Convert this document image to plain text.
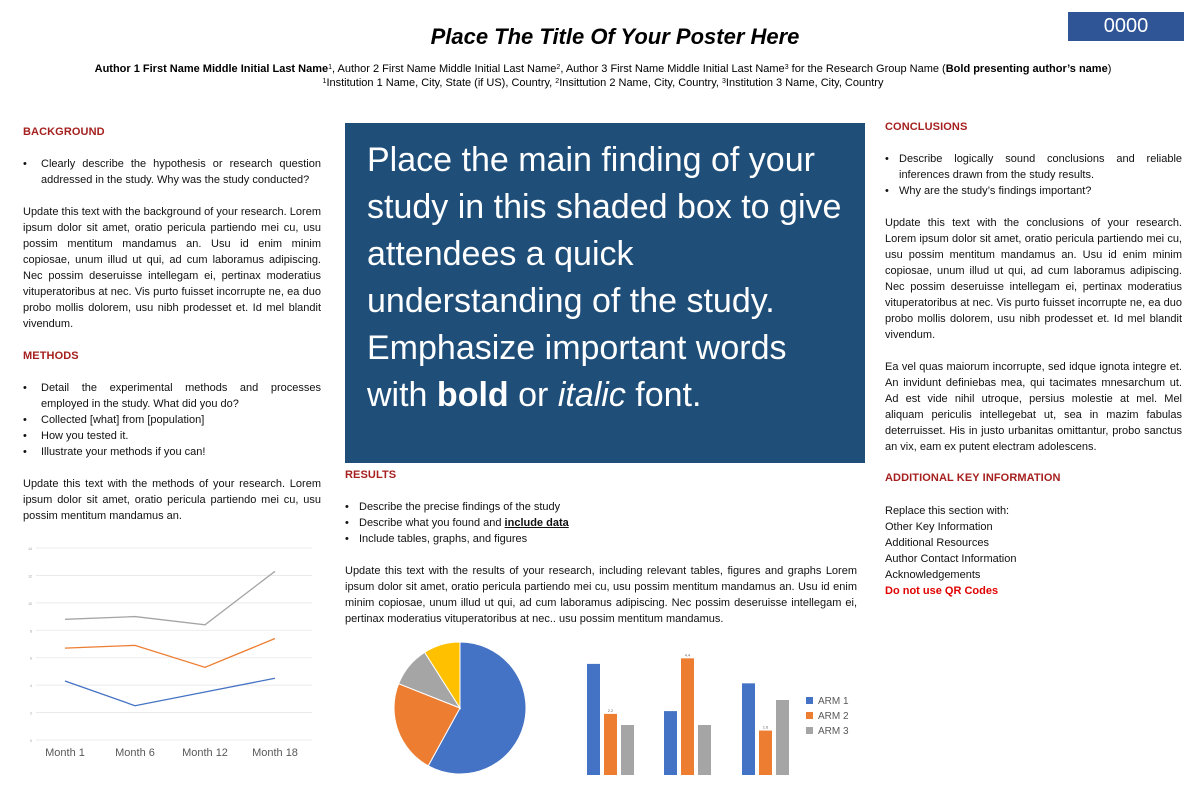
0000
Place The Title Of Your Poster Here
Author 1 First Name Middle Initial Last Name$^1$, Author 2 First Name Middle Initial Last Name$^2$, Author 3 First Name Middle Initial Last Name$^3$ for the Research Group Name (Bold presenting author’s name)
$^1$Institution 1 Name, City, State (if US), Country, $^2$Insittution 2 Name, City, Country, $^3$Institution 3 Name, City, Country
BACKGROUND
• Clearly describe the hypothesis or research question addressed in the study. Why was the study conducted?
Update this text with the background of your research. Lorem ipsum dolor sit amet, oratio pericula partiendo mei cu, usu possim mentitum mandamus an. Usu id enim minim copiosae, unum illud ut qui, ad cum laboramus adipiscing. Nec possim deseruisse intellegam ei, pertinax moderatius vituperatoribus at nec. Vis purto fuisset incorrupte ne, ea duo probo mollis dolorem, usu nibh prodesset et. Id mel blandit vivendum.
METHODS
• Detail the experimental methods and processes employed in the study. What did you do?
• Collected [what] from [population]
• How you tested it.
• Illustrate your methods if you can!
Update this text with the methods of your research. Lorem ipsum dolor sit amet, oratio pericula partiendo mei cu, usu possim mentitum mandamus an.
0
2
4
6
8
10
12
14
Month 1	Month 6 Month 12 Month 18
Place the main finding of your study in this shaded box to give attendees a quick understanding of the study. Emphasize important words with bold or italic font.
RESULTS
• Describe the precise findings of the study
• Describe what you found and include data
• Include tables, graphs, and figures
Update this text with the results of your research, including relevant tables, figures and graphs Lorem ipsum dolor sit amet, oratio pericula partiendo mei cu, usu possim mentitum mandamus an. Usu id enim minim copiosae, unum illud ut qui, ad cum laboramus adipiscing. Nec possim deseruisse intellegam ei, pertinax moderatius vituperatoribus at nec.. usu possim mentitum mandamus.
2.2
4.4
1.6
ARM 1
ARM 2
ARM 3
CONCLUSIONS
• Describe logically sound conclusions and reliable inferences drawn from the study results.
• Why are the study’s findings important?
Update this text with the conclusions of your research. Lorem ipsum dolor sit amet, oratio pericula partiendo mei cu, usu possim mentitum mandamus an. Usu id enim minim copiosae, unum illud ut qui, ad cum laboramus adipiscing. Nec possim deseruisse intellegam ei, pertinax moderatius vituperatoribus at nec. Vis purto fuisset incorrupte ne, ea duo probo mollis dolorem, usu nibh prodesset et. Id mel blandit vivendum.
Ea vel quas maiorum incorrupte, sed idque ignota integre et. An invidunt definiebas mea, qui tacimates mnesarchum ut. Ad est vide nihil utroque, persius molestie at mel. Mel aliquam periculis intellegebat ut, sea in mazim fabulas deterruisset. His in justo urbanitas omittantur, probo sanctus an vix, eam ex putent electram adolescens.
ADDITIONAL KEY INFORMATION
Replace this section with:
Other Key Information
Additional Resources
Author Contact Information
Acknowledgements
Do not use QR Codes
